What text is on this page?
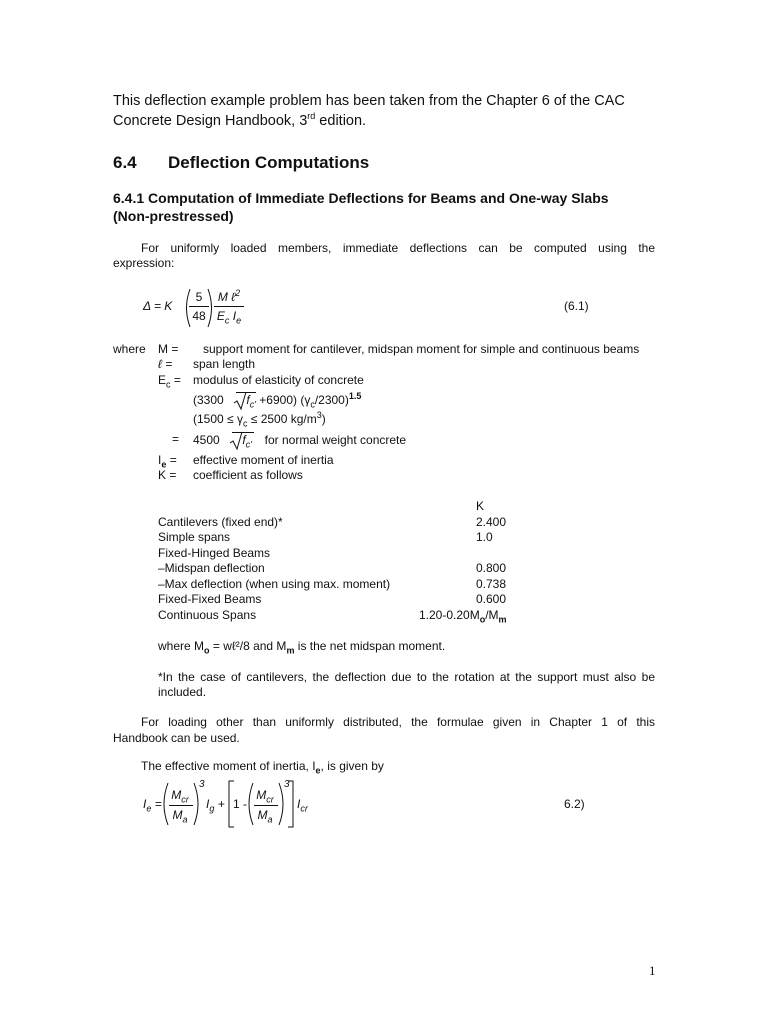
This deflection example problem has been taken from the Chapter 6 of the CAC
Concrete Design Handbook, 3rd edition.
6.4 Deflection Computations
6.4.1 Computation of Immediate Deflections for Beams and One-way Slabs
(Non-prestressed)
For uniformly loaded members, immediate deflections can be computed using the
expression:
Δ = K
5
48
M ℓ$^2$
$E_c$ $I_e$
(6.1)
where M = support moment for cantilever, midspan moment for simple and continuous beams
ℓ = span length
$E_c$ = modulus of elasticity of concrete
(3300 $f_{c'} +6900$) $(\gamma_c/2300)^{1.5}$
($1500 \le \gamma_c \le 2500$ $kg/m^3$)
= 4500 $f_{c'}$ for normal weight concrete
$I_e$ = effective moment of inertia
K = coefficient as follows
K
Cantilevers (fixed end)*	2.400
Simple spans	1.0
Fixed-Hinged Beams
–Midspan deflection	0.800
–Max deflection (when using max. moment)	0.738
Fixed-Fixed Beams	0.600
Continuous Spans	$1.20-0.20M_o/M_m$
where $M_o$ = wℓ²/8 and $M_m$ is the net midspan moment.
*In the case of cantilevers, the deflection due to the rotation at the support must also be
included.
For loading other than uniformly distributed, the formulae given in Chapter 1 of this
Handbook can be used.
The effective moment of inertia, $I_e$, is given by
$I_e$ =
$M_{cr}$
$M_a$
3
$I_g + 1$ -
$M_{cr}$
$M_a$
3
$I_{cr}$	6.2)
1
